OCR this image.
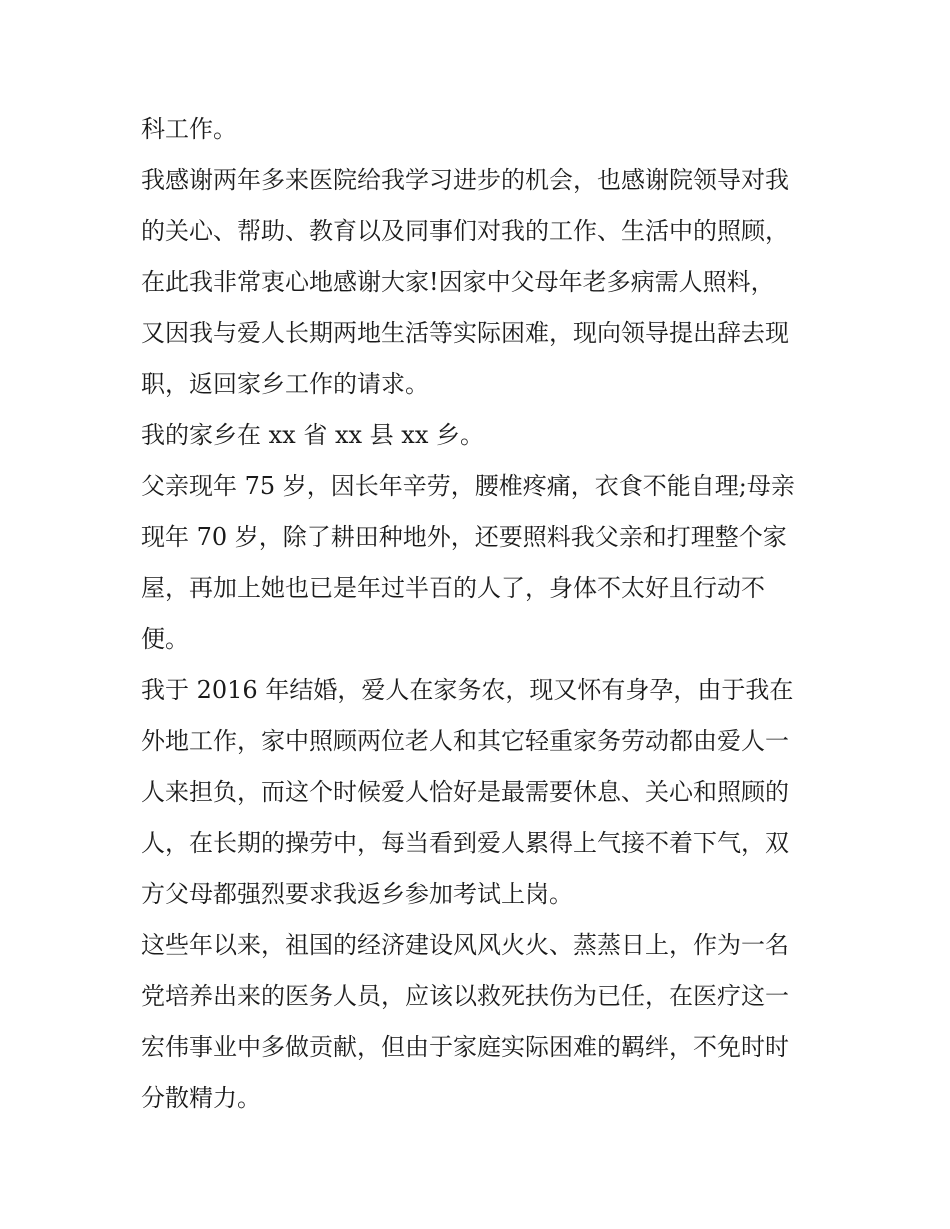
科工作。
我感谢两年多来医院给我学习进步的机会，也感谢院领导对我
的关心、帮助、教育以及同事们对我的工作、生活中的照顾，
在此我非常衷心地感谢大家!因家中父母年老多病需人照料，
又因我与爱人长期两地生活等实际困难，现向领导提出辞去现
职，返回家乡工作的请求。
我的家乡在 xx 省 xx 县 xx 乡。
父亲现年 75 岁，因长年辛劳，腰椎疼痛，衣食不能自理;母亲
现年 70 岁，除了耕田种地外，还要照料我父亲和打理整个家
屋，再加上她也已是年过半百的人了，身体不太好且行动不
便。
我于 2016 年结婚，爱人在家务农，现又怀有身孕，由于我在
外地工作，家中照顾两位老人和其它轻重家务劳动都由爱人一
人来担负，而这个时候爱人恰好是最需要休息、关心和照顾的
人，在长期的操劳中，每当看到爱人累得上气接不着下气，双
方父母都强烈要求我返乡参加考试上岗。
这些年以来，祖国的经济建设风风火火、蒸蒸日上，作为一名
党培养出来的医务人员，应该以救死扶伤为已任，在医疗这一
宏伟事业中多做贡献，但由于家庭实际困难的羁绊，不免时时
分散精力。
